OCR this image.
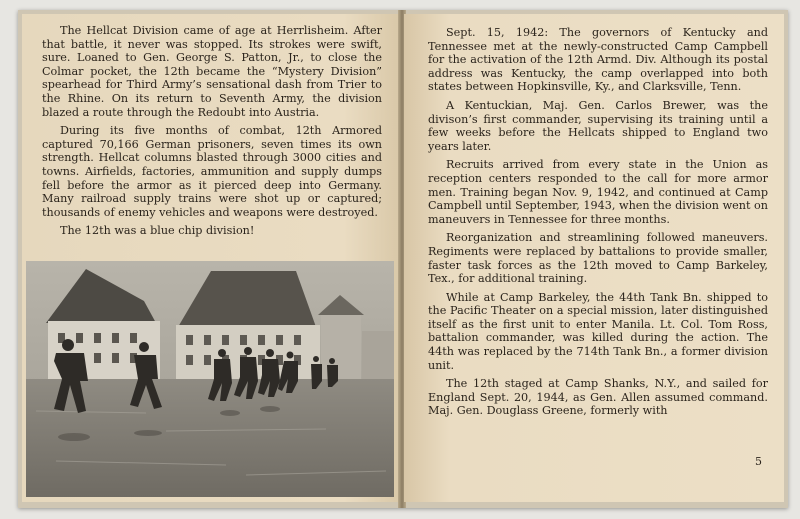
The Hellcat Division came of age at Herrlisheim. After that battle, it never was stopped. Its strokes were swift, sure. Loaned to Gen. George S. Patton, Jr., to close the Colmar pocket, the 12th became the “Mystery Division” spearhead for Third Army’s sensational dash from Trier to the Rhine. On its return to Seventh Army, the division blazed a route through the Redoubt into Austria.

During its five months of combat, 12th Armored captured 70,166 German prisoners, seven times its own strength. Hellcat columns blasted through 3000 cities and towns. Airfields, factories, ammunition and supply dumps fell before the armor as it pierced deep into Germany. Many railroad supply trains were shot up or captured; thousands of enemy vehicles and weapons were destroyed.

The 12th was a blue chip division!

Sept. 15, 1942: The governors of Kentucky and Tennessee met at the newly-constructed Camp Campbell for the activation of the 12th Armd. Div. Although its postal address was Kentucky, the camp overlapped into both states between Hopkinsville, Ky., and Clarksville, Tenn.

A Kentuckian, Maj. Gen. Carlos Brewer, was the divison’s first commander, supervising its training until a few weeks before the Hellcats shipped to England two years later.

Recruits arrived from every state in the Union as reception centers responded to the call for more armor men. Training began Nov. 9, 1942, and continued at Camp Campbell until September, 1943, when the division went on maneuvers in Tennessee for three months.

Reorganization and streamlining followed maneuvers. Regiments were replaced by battalions to provide smaller, faster task forces as the 12th moved to Camp Barkeley, Tex., for additional training.

While at Camp Barkeley, the 44th Tank Bn. shipped to the Pacific Theater on a special mission, later distinguished itself as the first unit to enter Manila. Lt. Col. Tom Ross, battalion commander, was killed during the action. The 44th was replaced by the 714th Tank Bn., a former division unit.

The 12th staged at Camp Shanks, N.Y., and sailed for England Sept. 20, 1944, as Gen. Allen assumed command. Maj. Gen. Douglass Greene, formerly with

5
